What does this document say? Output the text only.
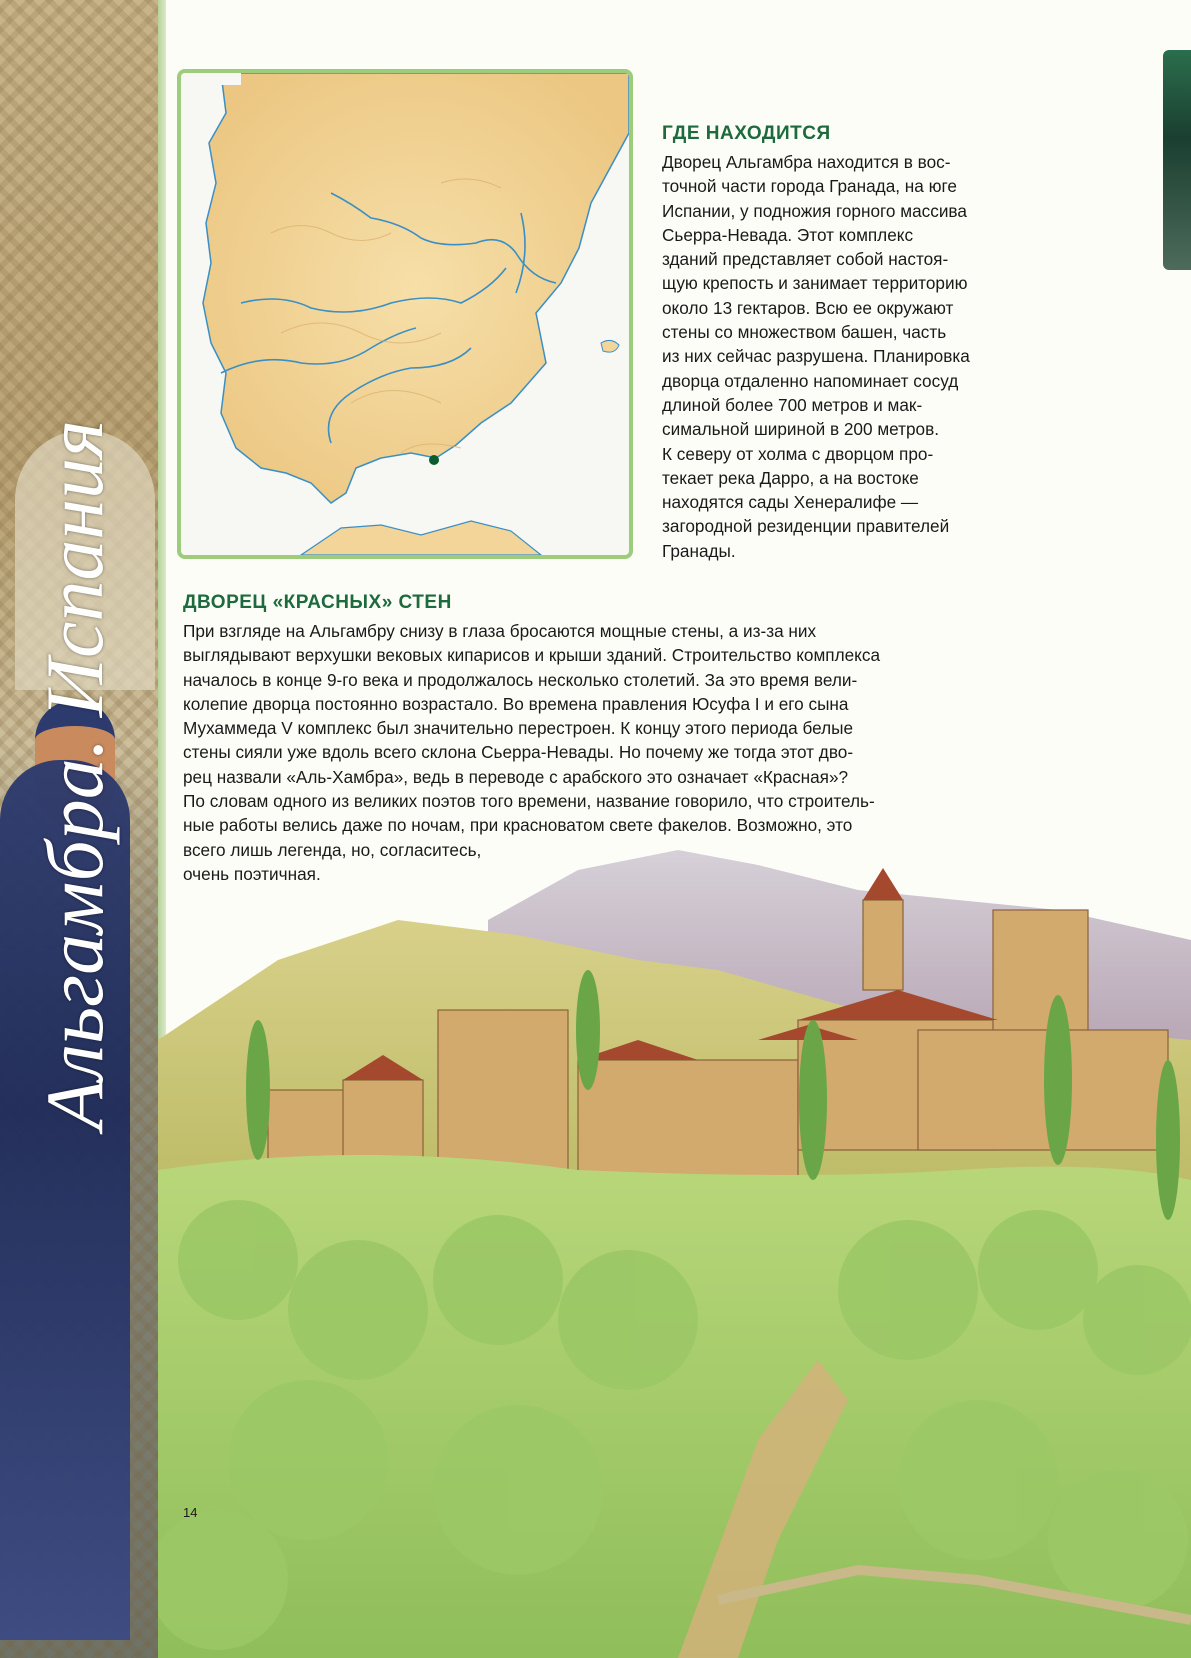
Альгамбра. Испания
ГДЕ НАХОДИТСЯ
Дворец Альгамбра находится в вос-
точной части города Гранада, на юге
Испании, у подножия горного массива
Сьерра-Невада. Этот комплекс
зданий представляет собой настоя-
щую крепость и занимает территорию
около 13 гектаров. Всю ее окружают
стены со множеством башен, часть
из них сейчас разрушена. Планировка
дворца отдаленно напоминает сосуд
длиной более 700 метров и мак-
симальной шириной в 200 метров.
К северу от холма с дворцом про-
текает река Дарро, а на востоке
находятся сады Хенералифе —
загородной резиденции правителей
Гранады.
ДВОРЕЦ «КРАСНЫХ» СТЕН
При взгляде на Альгамбру снизу в глаза бросаются мощные стены, а из-за них
выглядывают верхушки вековых кипарисов и крыши зданий. Строительство комплекса
началось в конце 9-го века и продолжалось несколько столетий. За это время вели-
колепие дворца постоянно возрастало. Во времена правления Юсуфа I и его сына
Мухаммеда V комплекс был значительно перестроен. К концу этого периода белые
стены сияли уже вдоль всего склона Сьерра-Невады. Но почему же тогда этот дво-
рец назвали «Аль-Хамбра», ведь в переводе с арабского это означает «Красная»?
По словам одного из великих поэтов того времени, название говорило, что строитель-
ные работы велись даже по ночам, при красноватом свете факелов. Возможно, это
всего лишь легенда, но, согласитесь,
очень поэтичная.
14
